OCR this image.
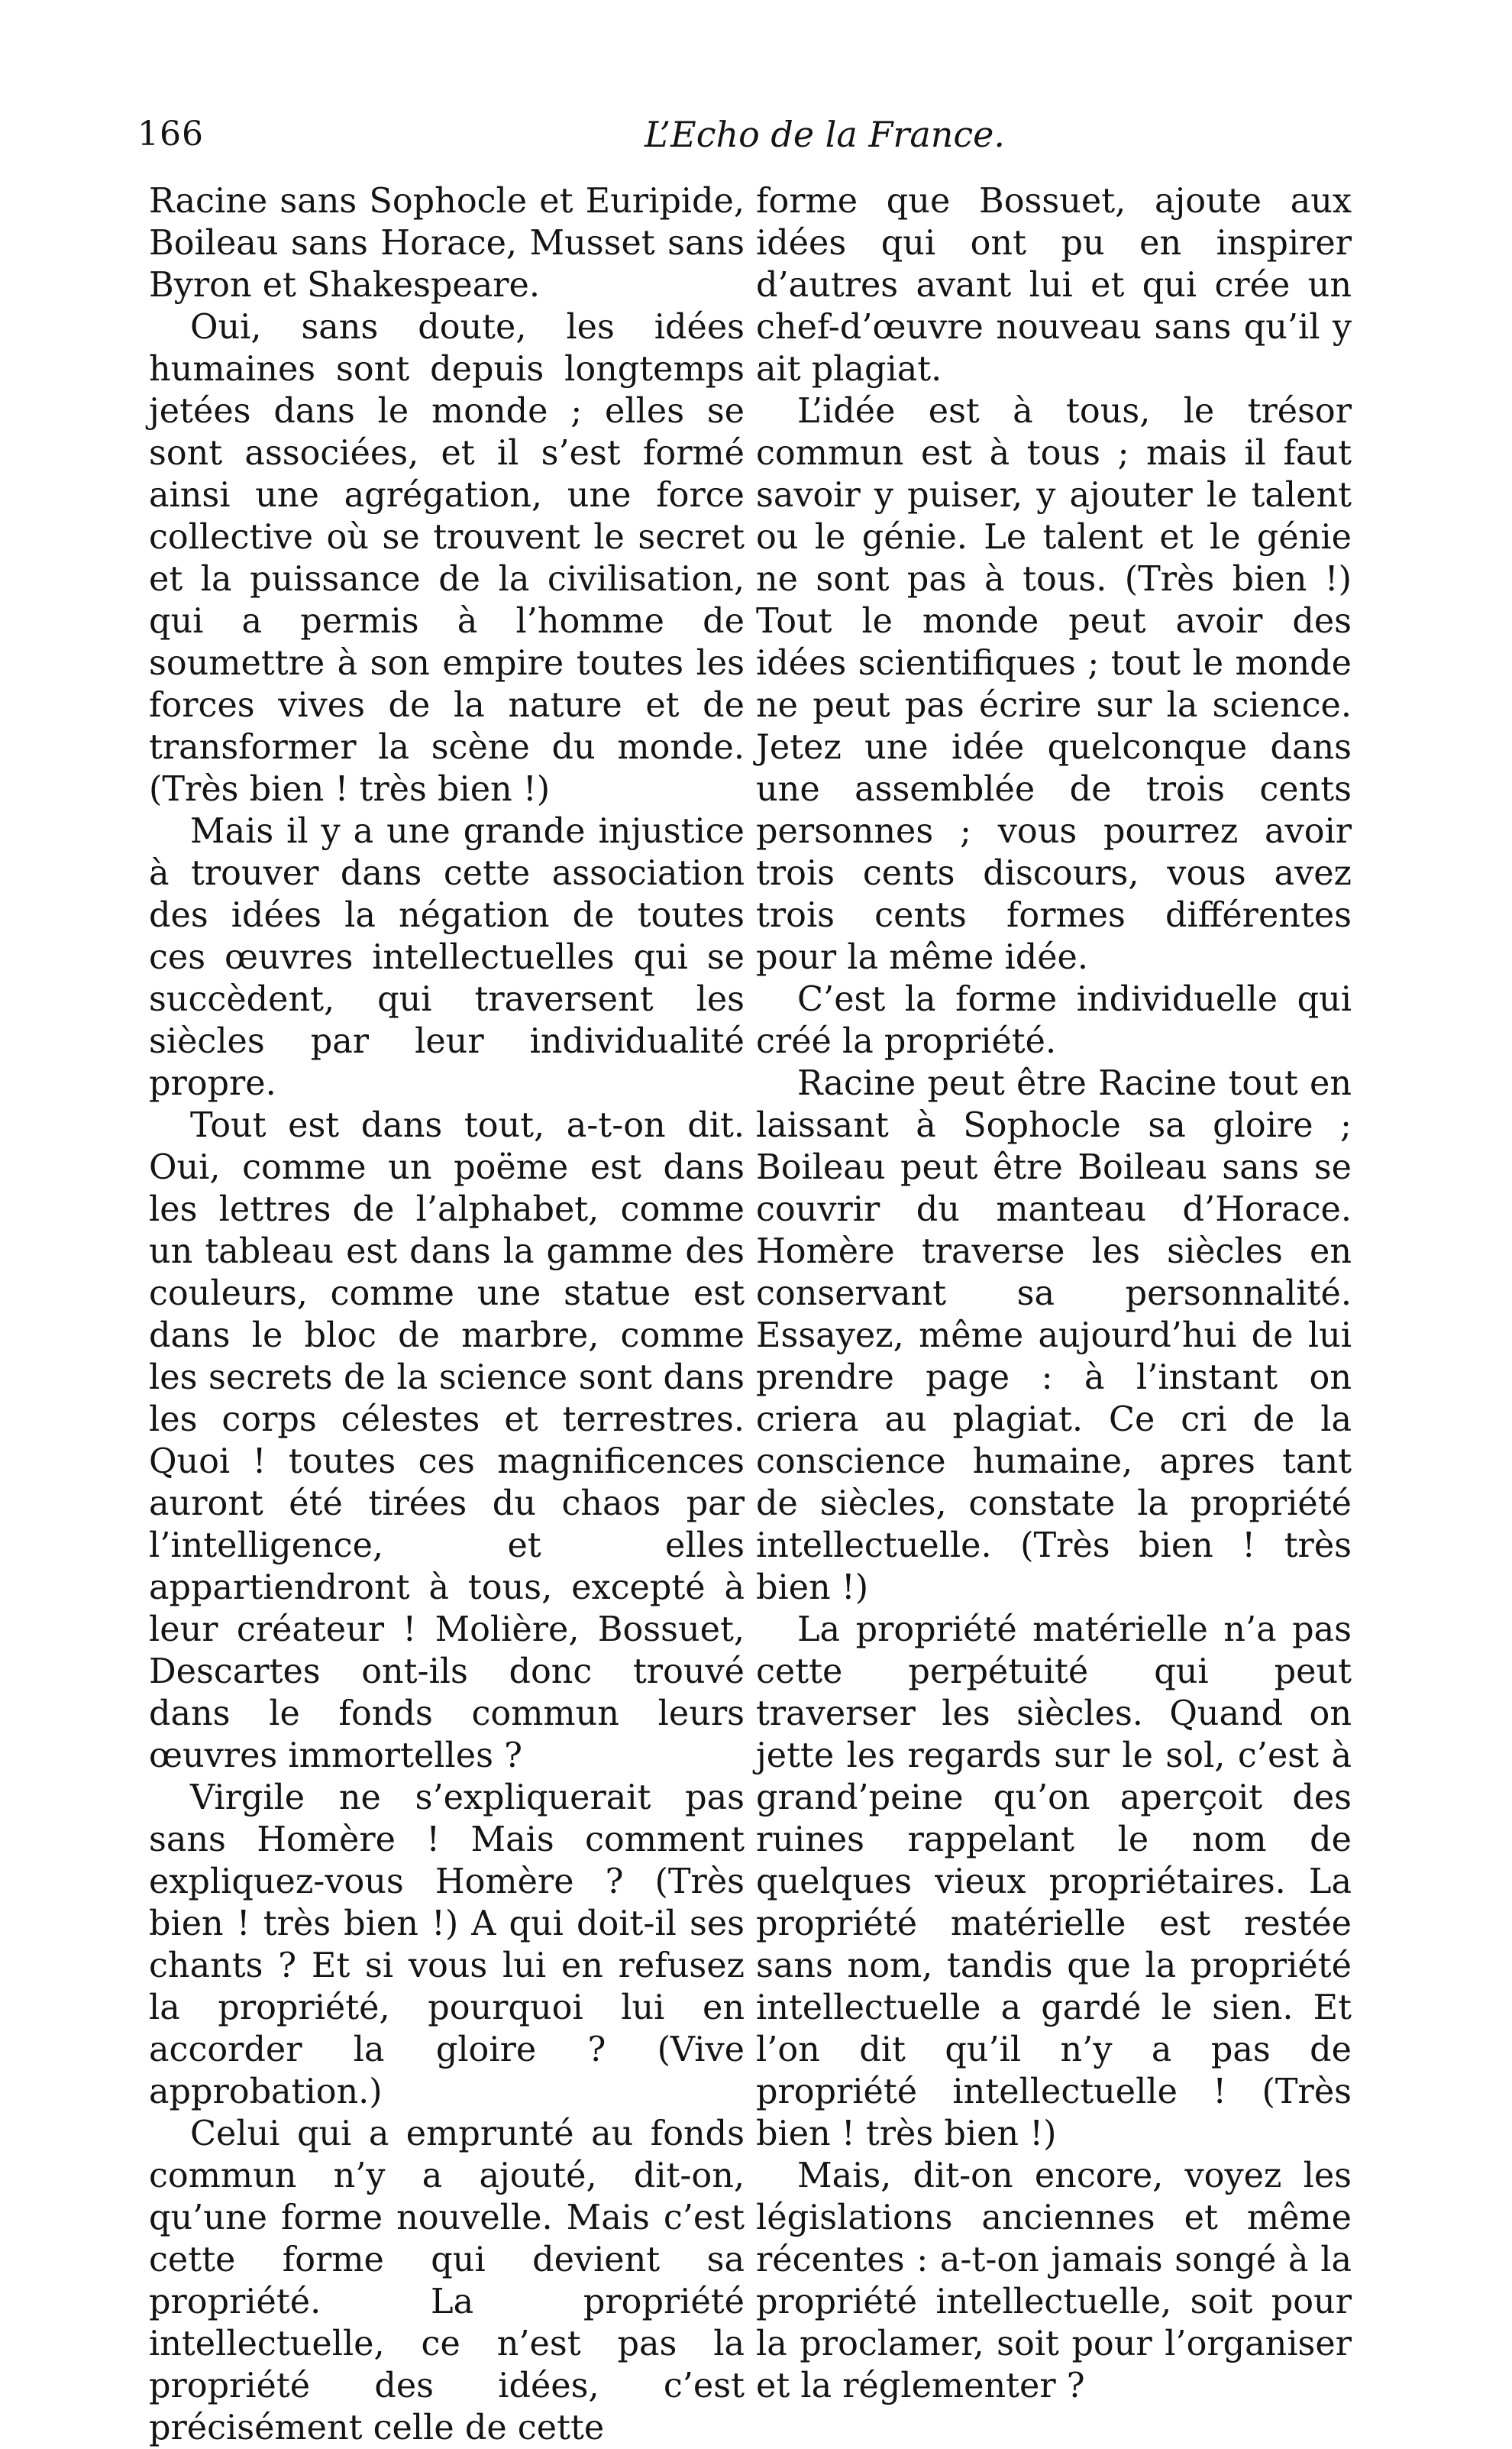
166	L’Echo de la France.

Racine sans Sophocle et Euripide, Boileau sans Horace, Musset sans Byron et Shakespeare.

Oui, sans doute, les idées humaines sont depuis longtemps jetées dans le monde ; elles se sont associées, et il s’est formé ainsi une agrégation, une force collective où se trouvent le secret et la puissance de la civilisation, qui a permis à l’homme de soumettre à son empire toutes les forces vives de la nature et de transformer la scène du monde. (Très bien ! très bien !)

Mais il y a une grande injustice à trouver dans cette association des idées la négation de toutes ces œuvres intellectuelles qui se succèdent, qui traversent les siècles par leur individualité propre.

Tout est dans tout, a-t-on dit. Oui, comme un poëme est dans les lettres de l’alphabet, comme un tableau est dans la gamme des couleurs, comme une statue est dans le bloc de marbre, comme les secrets de la science sont dans les corps célestes et terrestres. Quoi ! toutes ces magnificences auront été tirées du chaos par l’intelligence, et elles appartiendront à tous, excepté à leur créateur ! Molière, Bossuet, Descartes ont-ils donc trouvé dans le fonds commun leurs œuvres immortelles ?

Virgile ne s’expliquerait pas sans Homère ! Mais comment expliquez-vous Homère ? (Très bien ! très bien !) A qui doit-il ses chants ? Et si vous lui en refusez la propriété, pourquoi lui en accorder la gloire ? (Vive approbation.)

Celui qui a emprunté au fonds commun n’y a ajouté, dit-on, qu’une forme nouvelle. Mais c’est cette forme qui devient sa propriété. La propriété intellectuelle, ce n’est pas la propriété des idées, c’est précisément celle de cette

forme que Bossuet, ajoute aux idées qui ont pu en inspirer d’autres avant lui et qui crée un chef-d’œuvre nouveau sans qu’il y ait plagiat.

L’idée est à tous, le trésor commun est à tous ; mais il faut savoir y puiser, y ajouter le talent ou le génie. Le talent et le génie ne sont pas à tous. (Très bien !) Tout le monde peut avoir des idées scientifiques ; tout le monde ne peut pas écrire sur la science. Jetez une idée quelconque dans une assemblée de trois cents personnes ; vous pourrez avoir trois cents discours, vous avez trois cents formes différentes pour la même idée.

C’est la forme individuelle qui créé la propriété.

Racine peut être Racine tout en laissant à Sophocle sa gloire ; Boileau peut être Boileau sans se couvrir du manteau d’Horace. Homère traverse les siècles en conservant sa personnalité. Essayez, même aujourd’hui de lui prendre page : à l’instant on criera au plagiat. Ce cri de la conscience humaine, apres tant de siècles, constate la propriété intellectuelle. (Très bien ! très bien !)

La propriété matérielle n’a pas cette perpétuité qui peut traverser les siècles. Quand on jette les regards sur le sol, c’est à grand’peine qu’on aperçoit des ruines rappelant le nom de quelques vieux propriétaires. La propriété matérielle est restée sans nom, tandis que la propriété intellectuelle a gardé le sien. Et l’on dit qu’il n’y a pas de propriété intellectuelle ! (Très bien ! très bien !)

Mais, dit-on encore, voyez les législations anciennes et même récentes : a-t-on jamais songé à la propriété intellectuelle, soit pour la proclamer, soit pour l’organiser et la réglementer ?
